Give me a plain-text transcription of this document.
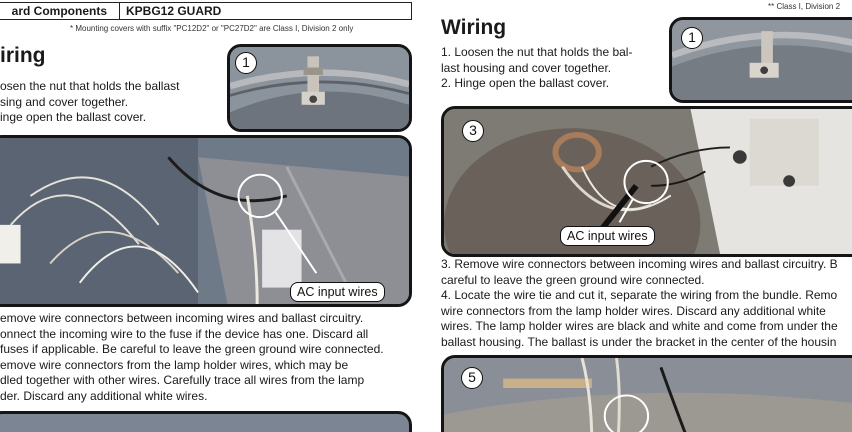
ard Components	KPBG12 GUARD
* Mounting covers with suffix "PC12D2" or "PC27D2" are Class I, Division 2 only
iring

osen the nut that holds the ballast

sing and cover together.

inge open the ballast cover.

1
AC input wires

emove wire connectors between incoming wires and ballast circuitry.

onnect the incoming wire to the fuse if the device has one. Discard all

fuses if applicable. Be careful to leave the green ground wire connected.

emove wire connectors from the lamp holder wires, which may be

dled together with other wires. Carefully trace all wires from the lamp

der. Discard any additional white wires.

** Class I, Division 2
Wiring

1. Loosen the nut that holds the bal-

last housing and cover together.

2. Hinge open the ballast cover.

1
3
AC input wires

3. Remove wire connectors between incoming wires and ballast circuitry. B

careful to leave the green ground wire connected.

4. Locate the wire tie and cut it, separate the wiring from the bundle. Remo

wire connectors from the lamp holder wires. Discard any additional white

wires. The lamp holder wires are black and white and come from under the

ballast housing. The ballast is under the bracket in the center of the housin

5
